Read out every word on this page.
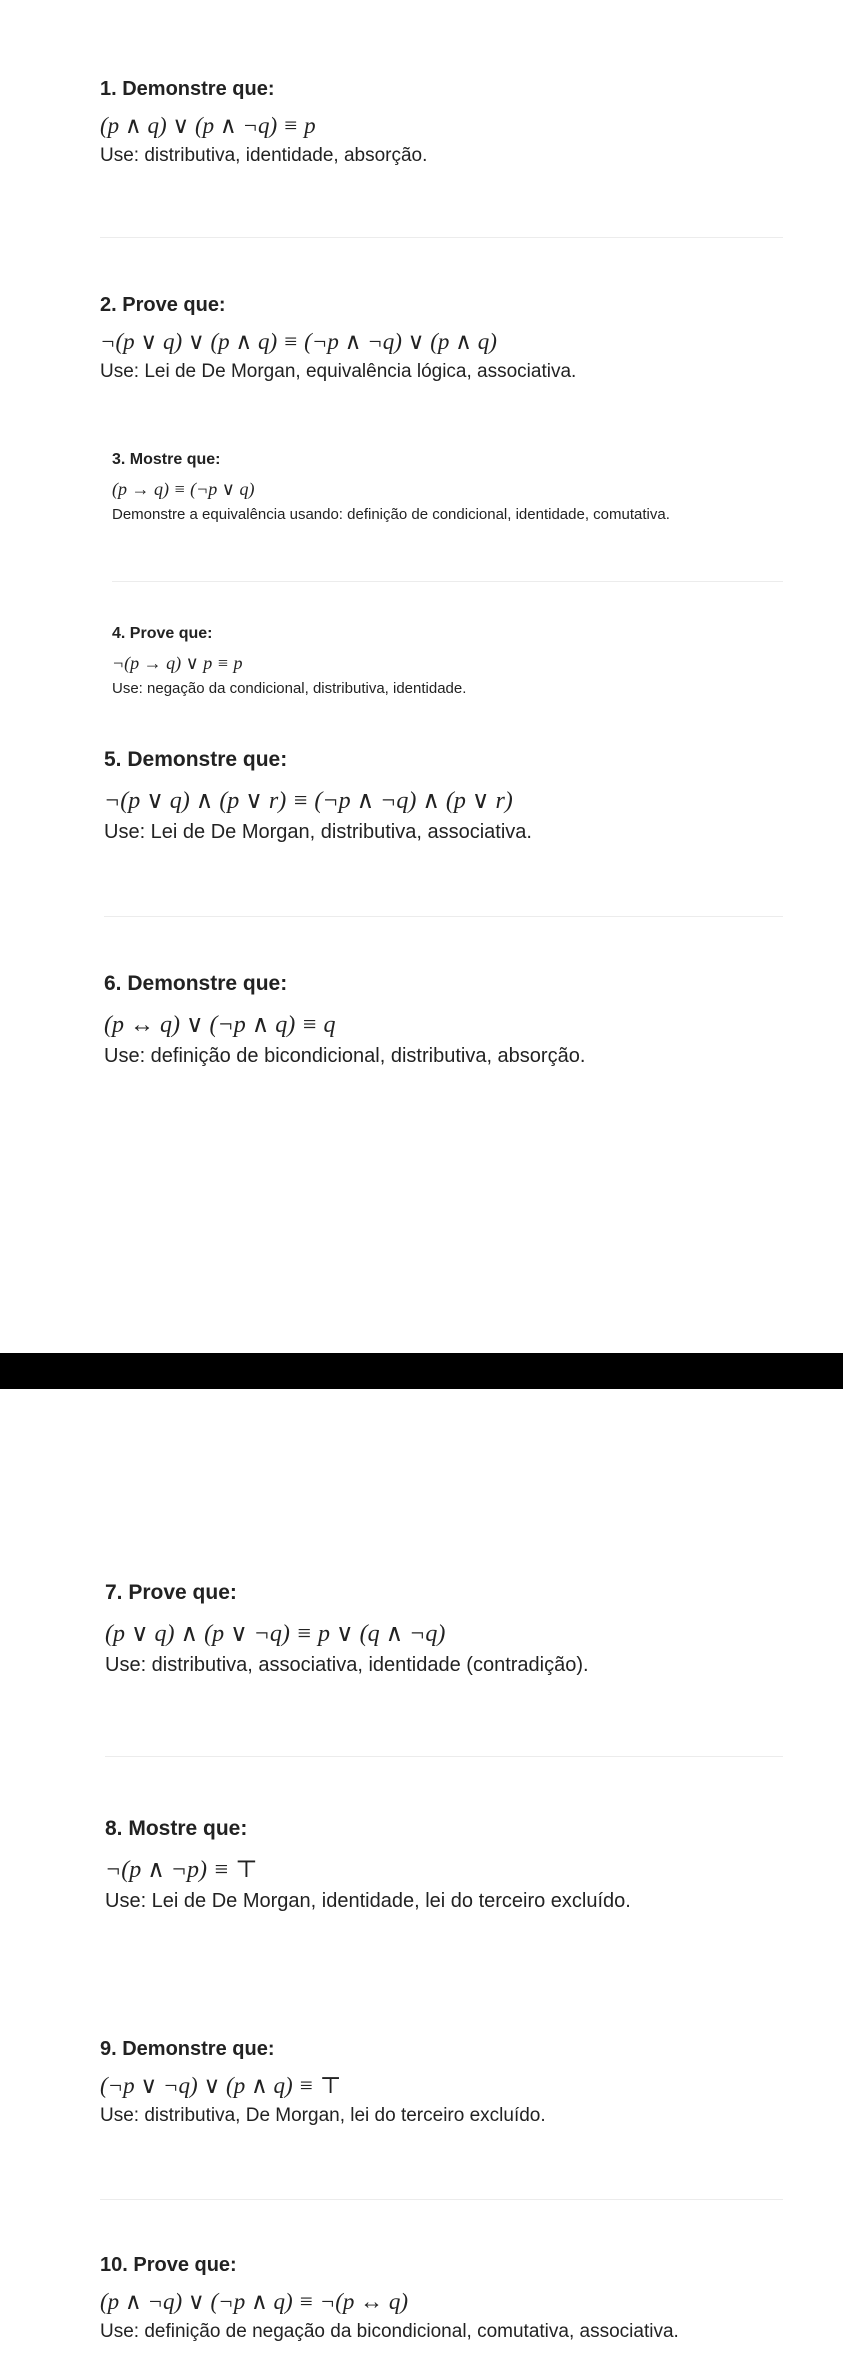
1. Demonstre que:
(p ∧ q) ∨ (p ∧ ¬q) ≡ p
Use: distributiva, identidade, absorção.
2. Prove que:
¬(p ∨ q) ∨ (p ∧ q) ≡ (¬p ∧ ¬q) ∨ (p ∧ q)
Use: Lei de De Morgan, equivalência lógica, associativa.
3. Mostre que:
(p → q) ≡ (¬p ∨ q)
Demonstre a equivalência usando: definição de condicional, identidade, comutativa.
4. Prove que:
¬(p → q) ∨ p ≡ p
Use: negação da condicional, distributiva, identidade.
5. Demonstre que:
¬(p ∨ q) ∧ (p ∨ r) ≡ (¬p ∧ ¬q) ∧ (p ∨ r)
Use: Lei de De Morgan, distributiva, associativa.
6. Demonstre que:
(p ↔ q) ∨ (¬p ∧ q) ≡ q
Use: definição de bicondicional, distributiva, absorção.
7. Prove que:
(p ∨ q) ∧ (p ∨ ¬q) ≡ p ∨ (q ∧ ¬q)
Use: distributiva, associativa, identidade (contradição).
8. Mostre que:
¬(p ∧ ¬p) ≡ ⊤
Use: Lei de De Morgan, identidade, lei do terceiro excluído.
9. Demonstre que:
(¬p ∨ ¬q) ∨ (p ∧ q) ≡ ⊤
Use: distributiva, De Morgan, lei do terceiro excluído.
10. Prove que:
(p ∧ ¬q) ∨ (¬p ∧ q) ≡ ¬(p ↔ q)
Use: definição de negação da bicondicional, comutativa, associativa.
